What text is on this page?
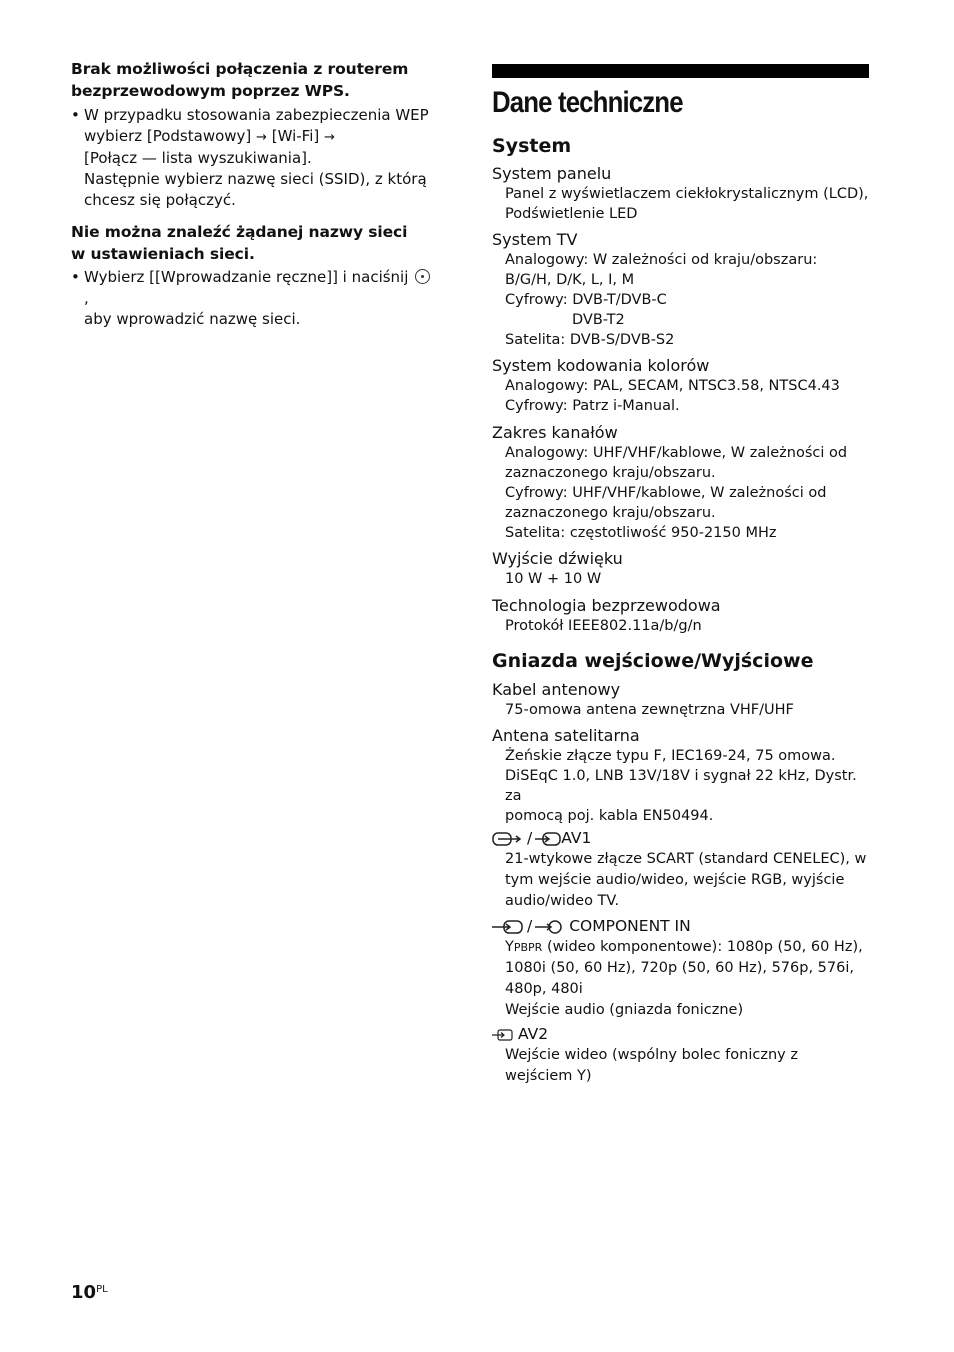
Brak możliwości połączenia z routerem bezprzewodowym poprzez WPS.

• W przypadku stosowania zabezpieczenia WEP
wybierz [Podstawowy] → [Wi-Fi] →
[Połącz — lista wyszukiwania].
Następnie wybierz nazwę sieci (SSID), z którą
chcesz się połączyć.

Nie można znaleźć żądanej nazwy sieci w ustawieniach sieci.

• Wybierz [[Wprowadzanie ręczne]] i naciśnij ,
aby wprowadzić nazwę sieci.

Dane techniczne

System

System panelu

Panel z wyświetlaczem ciekłokrystalicznym (LCD),

Podświetlenie LED

System TV

Analogowy: W zależności od kraju/obszaru:

B/G/H, D/K, L, I, M

Cyfrowy: DVB-T/DVB-C

DVB-T2

Satelita: DVB-S/DVB-S2

System kodowania kolorów

Analogowy: PAL, SECAM, NTSC3.58, NTSC4.43

Cyfrowy: Patrz i-Manual.

Zakres kanałów

Analogowy: UHF/VHF/kablowe, W zależności od

zaznaczonego kraju/obszaru.

Cyfrowy: UHF/VHF/kablowe, W zależności od

zaznaczonego kraju/obszaru.

Satelita: częstotliwość 950-2150 MHz

Wyjście dźwięku

10 W + 10 W

Technologia bezprzewodowa

Protokół IEEE802.11a/b/g/n

Gniazda wejściowe/Wyjściowe

Kabel antenowy

75-omowa antena zewnętrzna VHF/UHF

Antena satelitarna

Żeńskie złącze typu F, IEC169-24, 75 omowa.

DiSEqC 1.0, LNB 13V/18V i sygnał 22 kHz, Dystr. za

pomocą poj. kabla EN50494.

/ AV1

21-wtykowe złącze SCART (standard CENELEC), w

tym wejście audio/wideo, wejście RGB, wyjście

audio/wideo TV.

/ COMPONENT IN

YPBPR (wideo komponentowe): 1080p (50, 60 Hz),

1080i (50, 60 Hz), 720p (50, 60 Hz), 576p, 576i,

480p, 480i

Wejście audio (gniazda foniczne)

AV2

Wejście wideo (wspólny bolec foniczny z

wejściem Y)

$10^{PL}$
